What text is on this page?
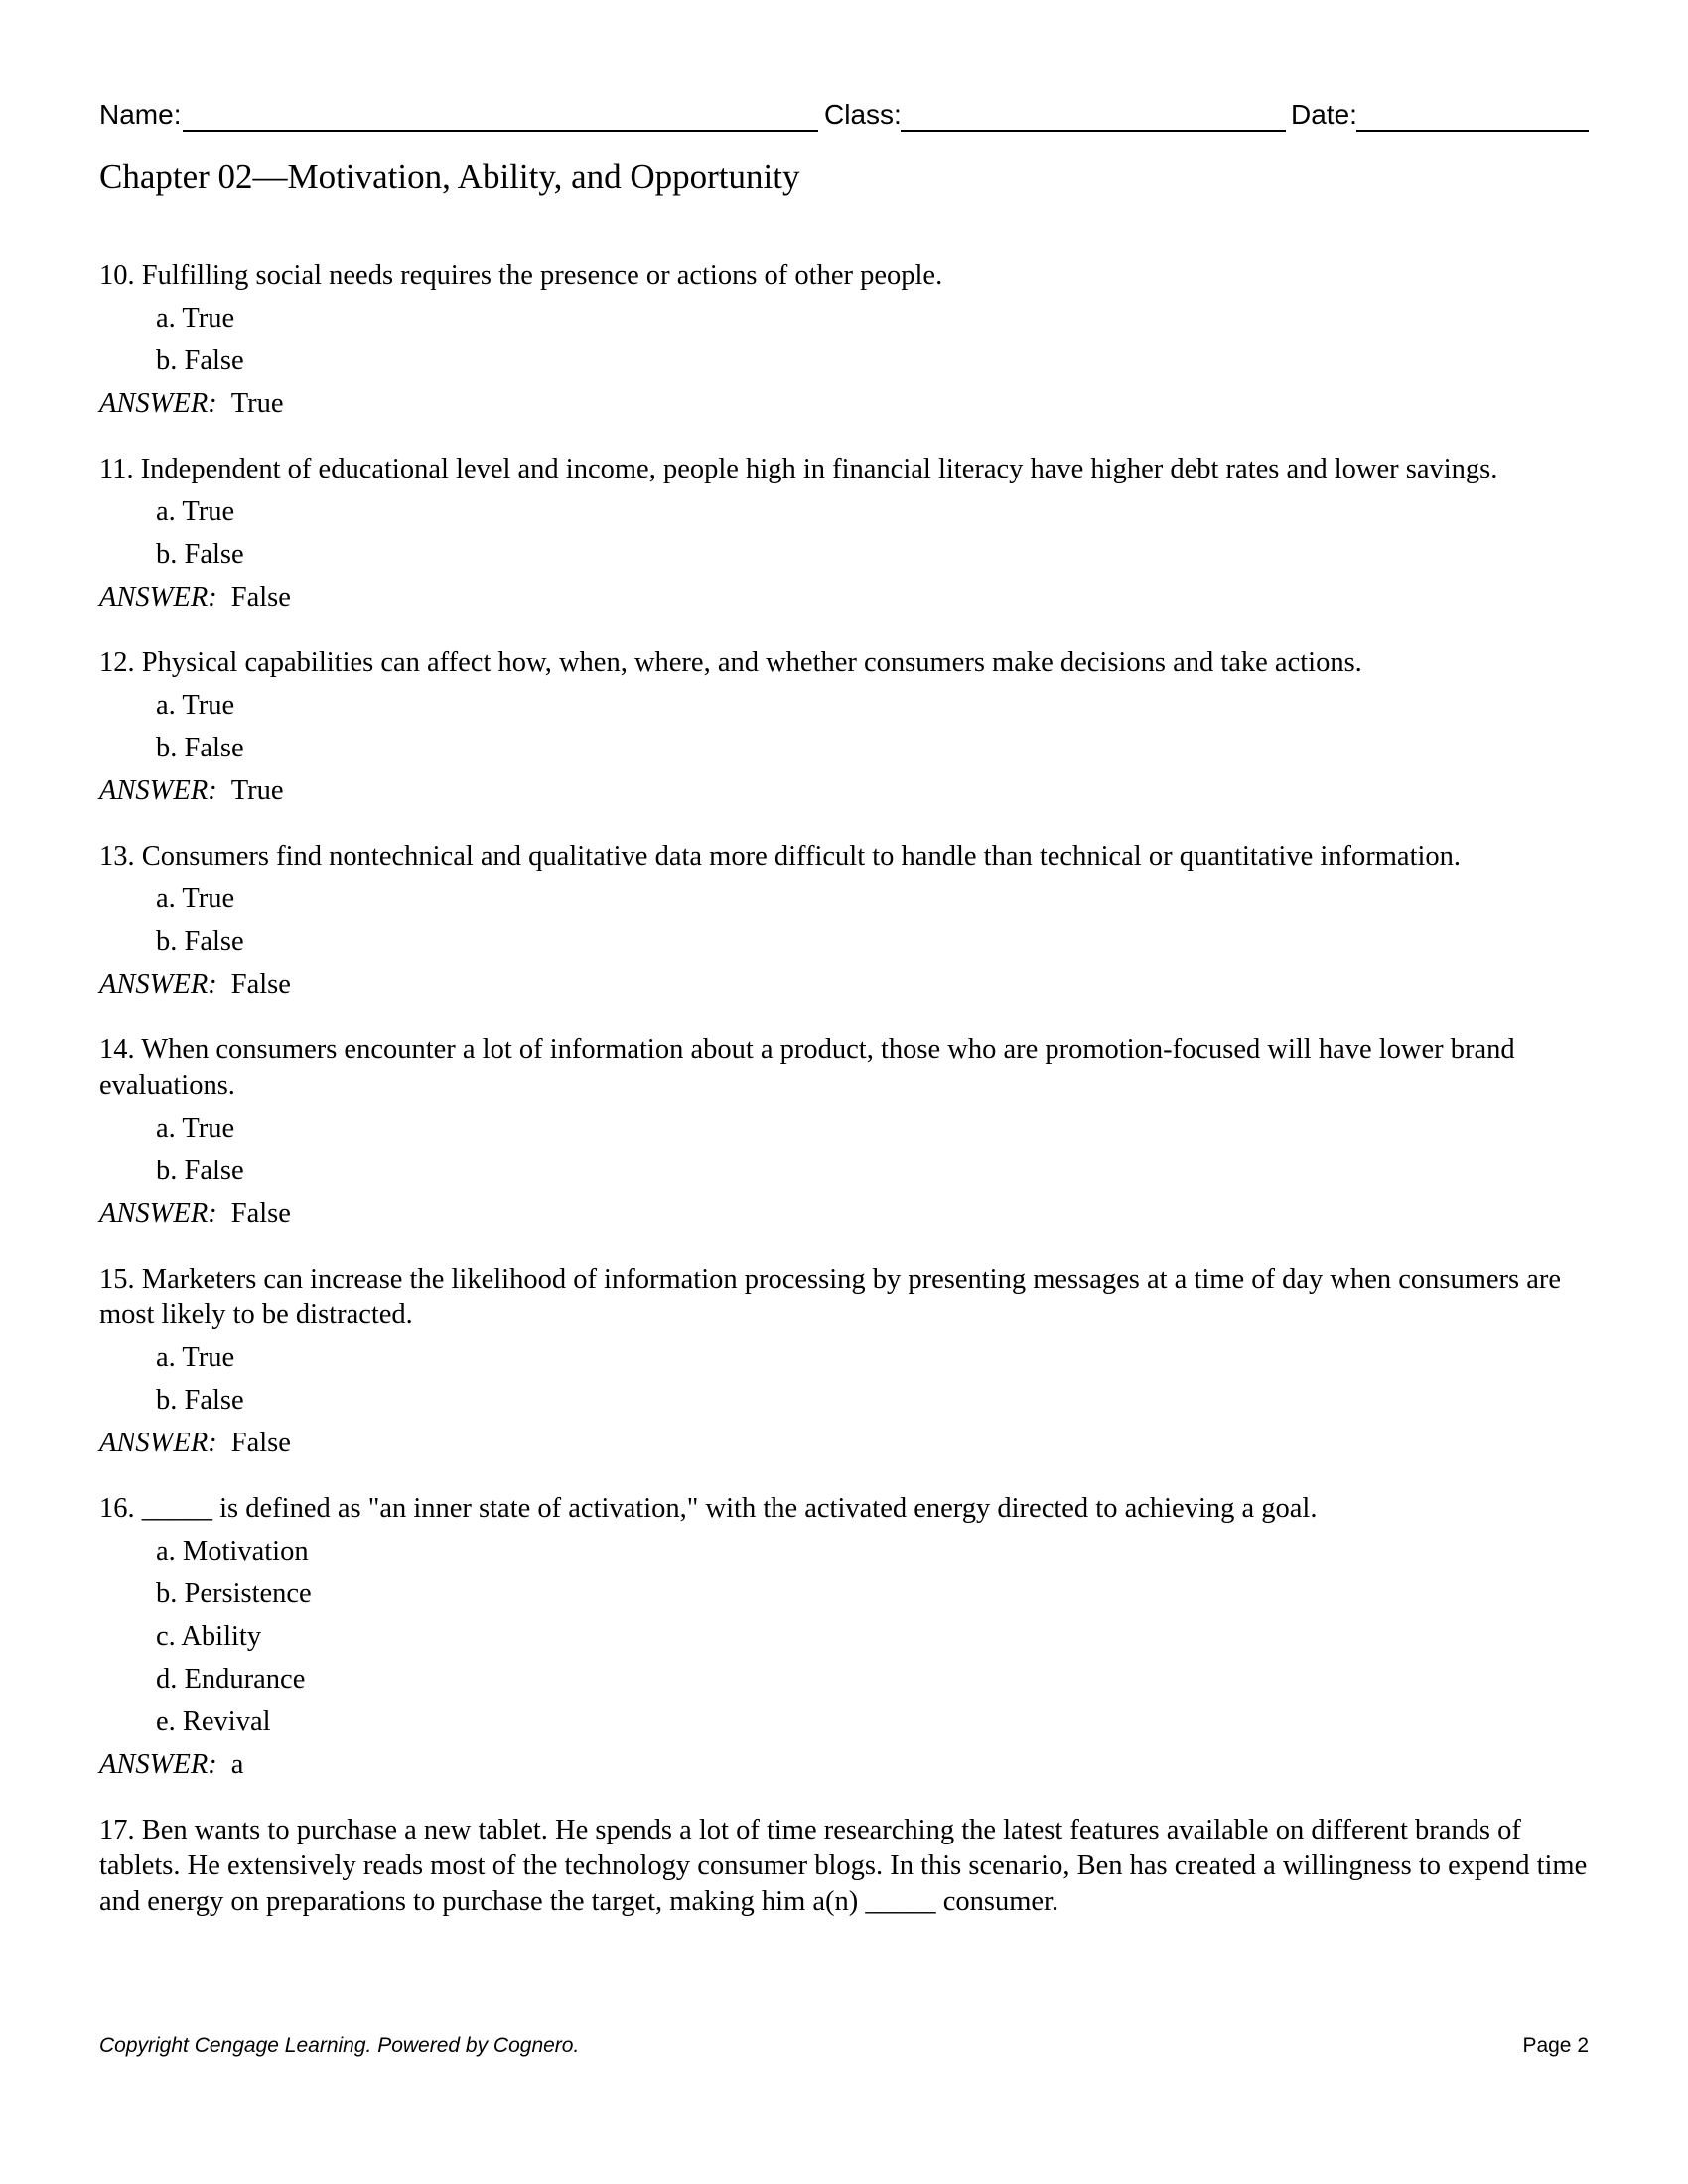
Name:	Class:	Date:
Chapter 02—Motivation, Ability, and Opportunity
10. Fulfilling social needs requires the presence or actions of other people.
a. True
b. False
ANSWER: True
11. Independent of educational level and income, people high in financial literacy have higher debt rates and lower savings.
a. True
b. False
ANSWER: False
12. Physical capabilities can affect how, when, where, and whether consumers make decisions and take actions.
a. True
b. False
ANSWER: True
13. Consumers find nontechnical and qualitative data more difficult to handle than technical or quantitative information.
a. True
b. False
ANSWER: False
14. When consumers encounter a lot of information about a product, those who are promotion-focused will have lower brand evaluations.
a. True
b. False
ANSWER: False
15. Marketers can increase the likelihood of information processing by presenting messages at a time of day when consumers are most likely to be distracted.
a. True
b. False
ANSWER: False
16. _____ is defined as "an inner state of activation," with the activated energy directed to achieving a goal.
a. Motivation
b. Persistence
c. Ability
d. Endurance
e. Revival
ANSWER: a
17. Ben wants to purchase a new tablet. He spends a lot of time researching the latest features available on different brands of tablets. He extensively reads most of the technology consumer blogs. In this scenario, Ben has created a willingness to expend time and energy on preparations to purchase the target, making him a(n) _____ consumer.
Copyright Cengage Learning. Powered by Cognero.	Page 2
